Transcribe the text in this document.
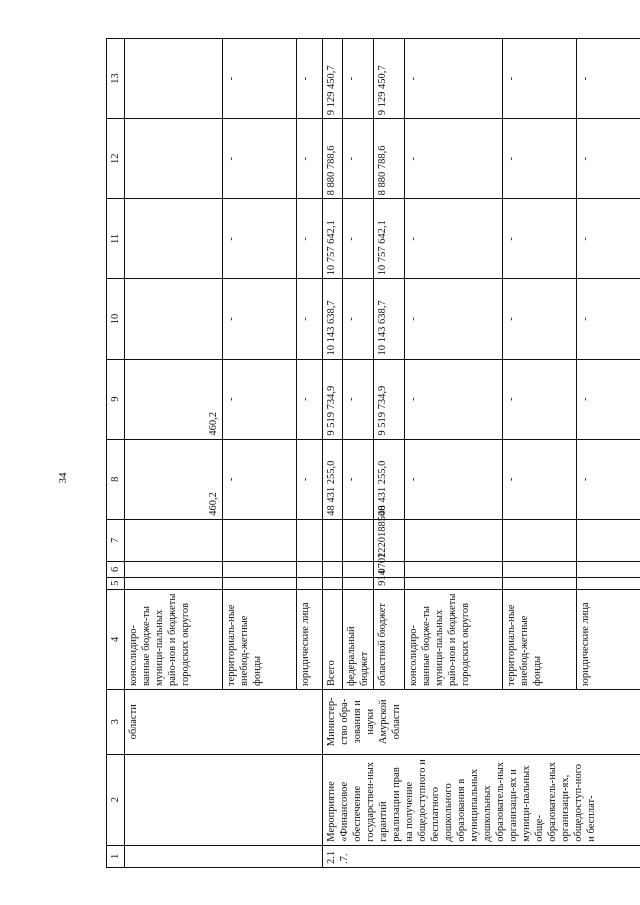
34
1	2	3	4	5	6	7	8	9	10	11	12	13
		области	консолидиро-ванные бюдже-ты муници-пальных райо-нов и бюджеты городских округов				460,2	460,2				
			территориаль-ные внебюд-жетные фонды				-	-	-	-	-	-
			юридические лица				-	-	-	-	-	-
2.1.7.	Мероприятие «Финансовое обеспечение государствен-ных гарантий реализации прав на получение общедоступного и бесплатного дошкольного образования в муниципальных дошкольных образователь-ных организаци-ях и муници-пальных обще-образователь-ных организаци-ях, общедоступ-ного и бесплат-	Министер-ство обра-зования и науки Амурской области	Всего				48 431 255,0	9 519 734,9	10 143 638,7	10 757 642,1	8 880 788,6	9 129 450,7
			федеральный бюджет				-	-	-	-	-	-
			областной бюджет	914	0702	1220188500	48 431 255,0	9 519 734,9	10 143 638,7	10 757 642,1	8 880 788,6	9 129 450,7
			консолидиро-ванные бюдже-ты муници-пальных райо-нов и бюджеты городских округов				-	-	-	-	-	-
			территориаль-ные внебюд-жетные фонды				-	-	-	-	-	-
			юридические лица				-	-	-	-	-	-
